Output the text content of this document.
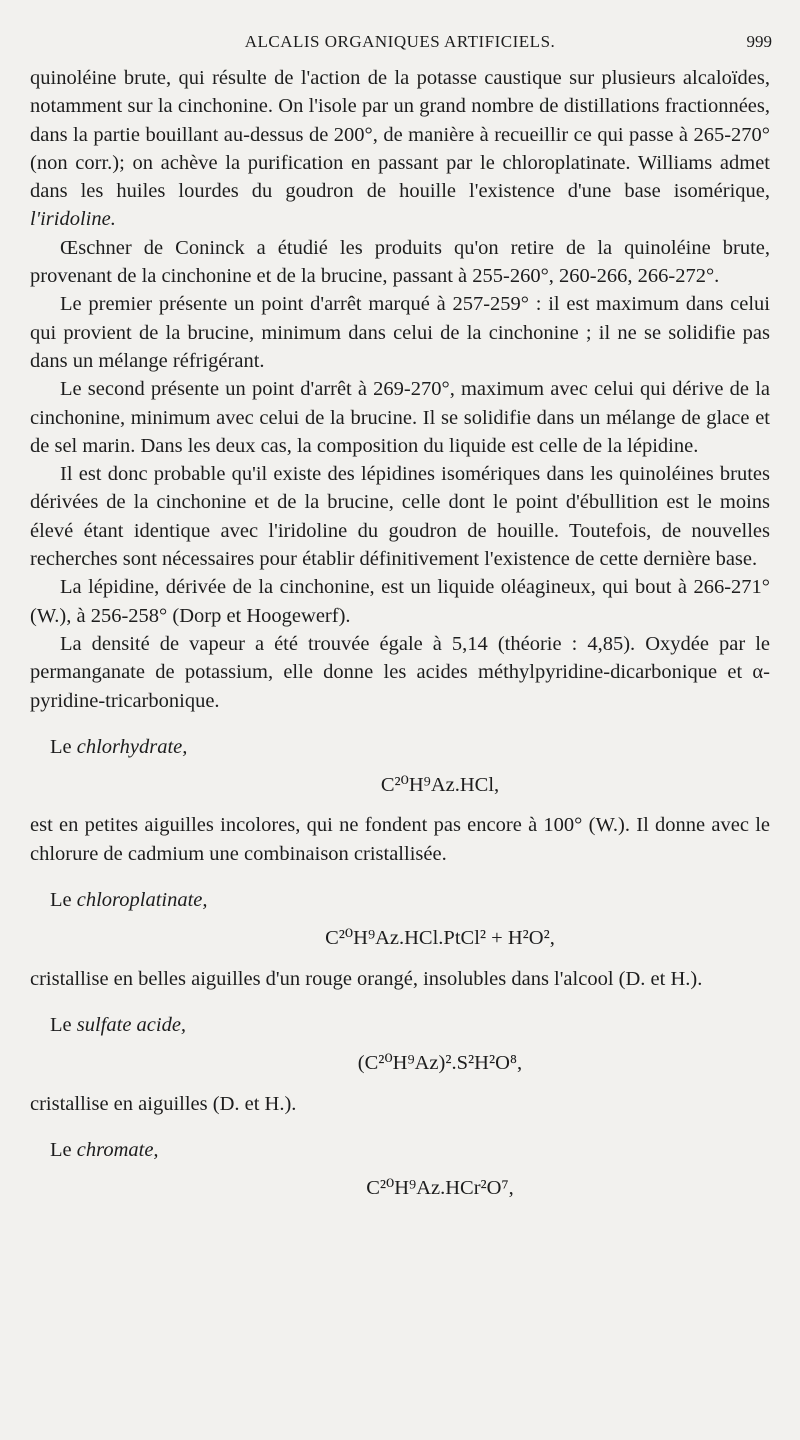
ALCALIS ORGANIQUES ARTIFICIELS.	999

quinoléine brute, qui résulte de l'action de la potasse caustique sur plusieurs alcaloïdes, notamment sur la cinchonine. On l'isole par un grand nombre de distillations fractionnées, dans la partie bouillant au-dessus de 200°, de manière à recueillir ce qui passe à 265-270° (non corr.); on achève la purification en passant par le chloroplatinate. Williams admet dans les huiles lourdes du goudron de houille l'existence d'une base isomérique, l'iridoline.

Œschner de Coninck a étudié les produits qu'on retire de la quinoléine brute, provenant de la cinchonine et de la brucine, passant à 255-260°, 260-266, 266-272°.

Le premier présente un point d'arrêt marqué à 257-259° : il est maximum dans celui qui provient de la brucine, minimum dans celui de la cinchonine ; il ne se solidifie pas dans un mélange réfrigérant.

Le second présente un point d'arrêt à 269-270°, maximum avec celui qui dérive de la cinchonine, minimum avec celui de la brucine. Il se solidifie dans un mélange de glace et de sel marin. Dans les deux cas, la composition du liquide est celle de la lépidine.

Il est donc probable qu'il existe des lépidines isomériques dans les quinoléines brutes dérivées de la cinchonine et de la brucine, celle dont le point d'ébullition est le moins élevé étant identique avec l'iridoline du goudron de houille. Toutefois, de nouvelles recherches sont nécessaires pour établir définitivement l'existence de cette dernière base.

La lépidine, dérivée de la cinchonine, est un liquide oléagineux, qui bout à 266-271° (W.), à 256-258° (Dorp et Hoogewerf).

La densité de vapeur a été trouvée égale à 5,14 (théorie : 4,85). Oxydée par le permanganate de potassium, elle donne les acides méthylpyridine-dicarbonique et α-pyridine-tricarbonique.

Le chlorhydrate,

C²⁰H⁹Az.HCl,

est en petites aiguilles incolores, qui ne fondent pas encore à 100° (W.). Il donne avec le chlorure de cadmium une combinaison cristallisée.

Le chloroplatinate,

C²⁰H⁹Az.HCl.PtCl² + H²O²,

cristallise en belles aiguilles d'un rouge orangé, insolubles dans l'alcool (D. et H.).

Le sulfate acide,

(C²⁰H⁹Az)².S²H²O⁸,

cristallise en aiguilles (D. et H.).

Le chromate,

C²⁰H⁹Az.HCr²O⁷,
